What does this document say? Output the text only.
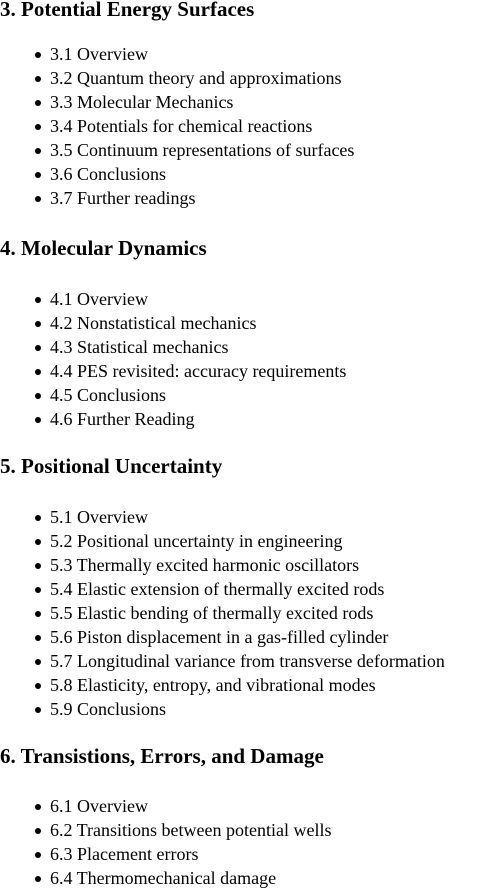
3. Potential Energy Surfaces
3.1 Overview
3.2 Quantum theory and approximations
3.3 Molecular Mechanics
3.4 Potentials for chemical reactions
3.5 Continuum representations of surfaces
3.6 Conclusions
3.7 Further readings
4. Molecular Dynamics
4.1 Overview
4.2 Nonstatistical mechanics
4.3 Statistical mechanics
4.4 PES revisited: accuracy requirements
4.5 Conclusions
4.6 Further Reading
5. Positional Uncertainty
5.1 Overview
5.2 Positional uncertainty in engineering
5.3 Thermally excited harmonic oscillators
5.4 Elastic extension of thermally excited rods
5.5 Elastic bending of thermally excited rods
5.6 Piston displacement in a gas-filled cylinder
5.7 Longitudinal variance from transverse deformation
5.8 Elasticity, entropy, and vibrational modes
5.9 Conclusions
6. Transistions, Errors, and Damage
6.1 Overview
6.2 Transitions between potential wells
6.3 Placement errors
6.4 Thermomechanical damage
